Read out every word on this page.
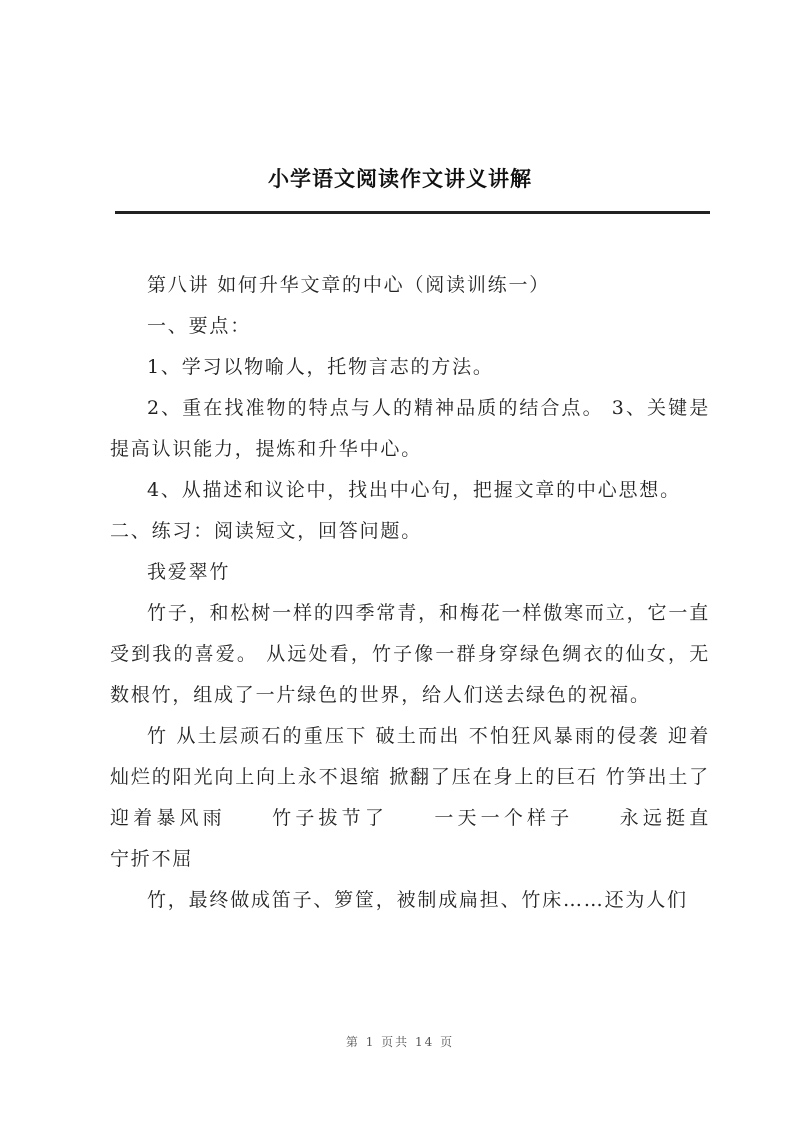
小学语文阅读作文讲义讲解

第八讲 如何升华文章的中心（阅读训练一）

一、要点：

1、学习以物喻人，托物言志的方法。

2、重在找准物的特点与人的精神品质的结合点。 3、关键是提高认识能力，提炼和升华中心。

4、从描述和议论中，找出中心句，把握文章的中心思想。

二、练习：阅读短文，回答问题。

我爱翠竹

竹子，和松树一样的四季常青，和梅花一样傲寒而立，它一直受到我的喜爱。 从远处看，竹子像一群身穿绿色绸衣的仙女，无数根竹，组成了一片绿色的世界，给人们送去绿色的祝福。

竹 从土层顽石的重压下 破土而出 不怕狂风暴雨的侵袭 迎着灿烂的阳光向上向上永不退缩 掀翻了压在身上的巨石 竹笋出土了 迎着暴风雨　　竹子拔节了　　一天一个样子　　永远挺直　　宁折不屈

竹，最终做成笛子、箩筐，被制成扁担、竹床……还为人们

第 1 页共 14 页
